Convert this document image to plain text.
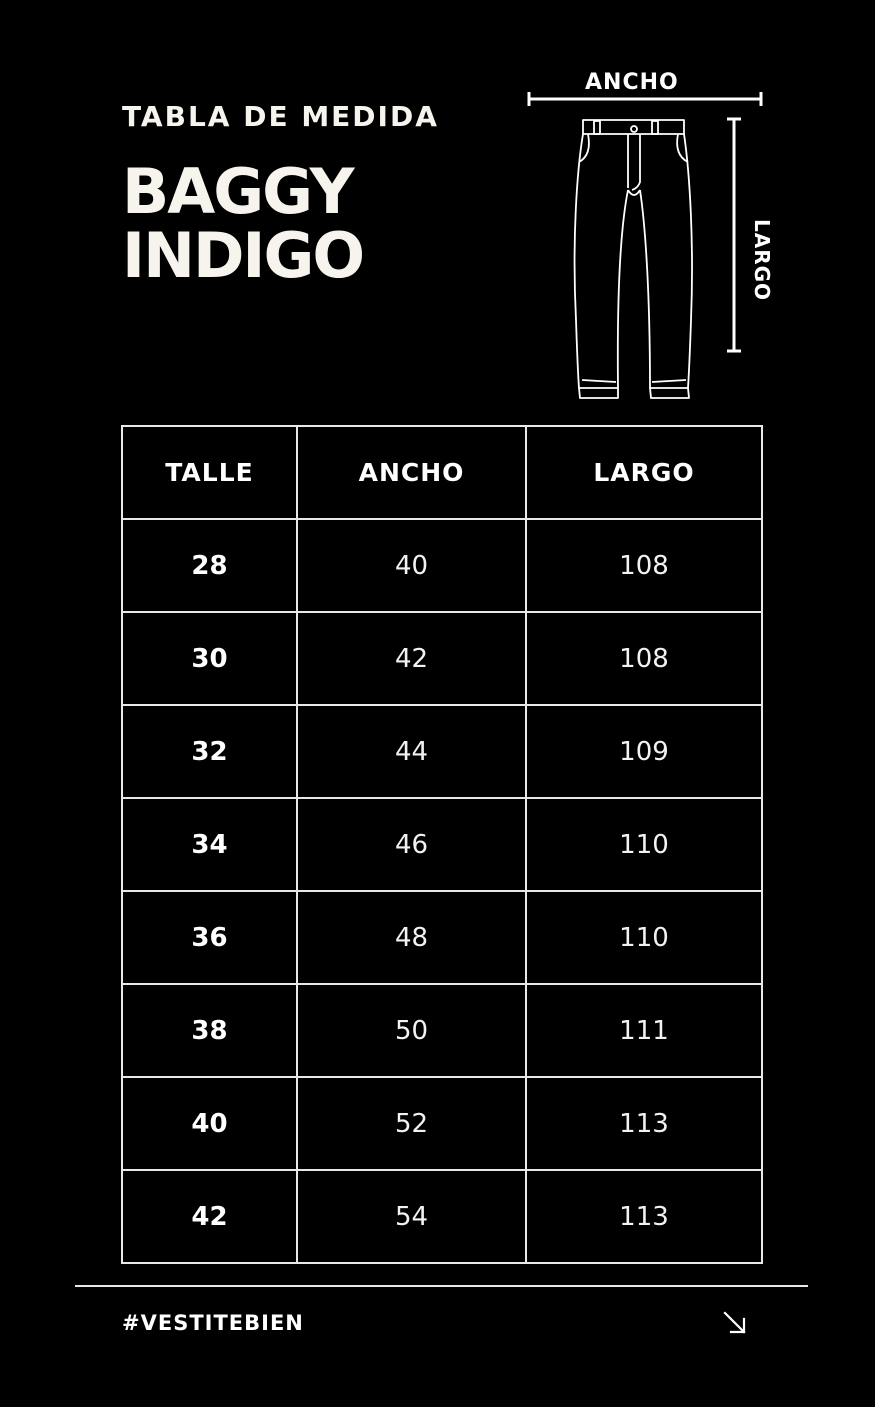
TABLA DE MEDIDA
BAGGY
INDIGO
ANCHO
LARGO
TALLE	ANCHO	LARGO
28	40	108
30	42	108
32	44	109
34	46	110
36	48	110
38	50	111
40	52	113
42	54	113
#VESTITEBIEN
